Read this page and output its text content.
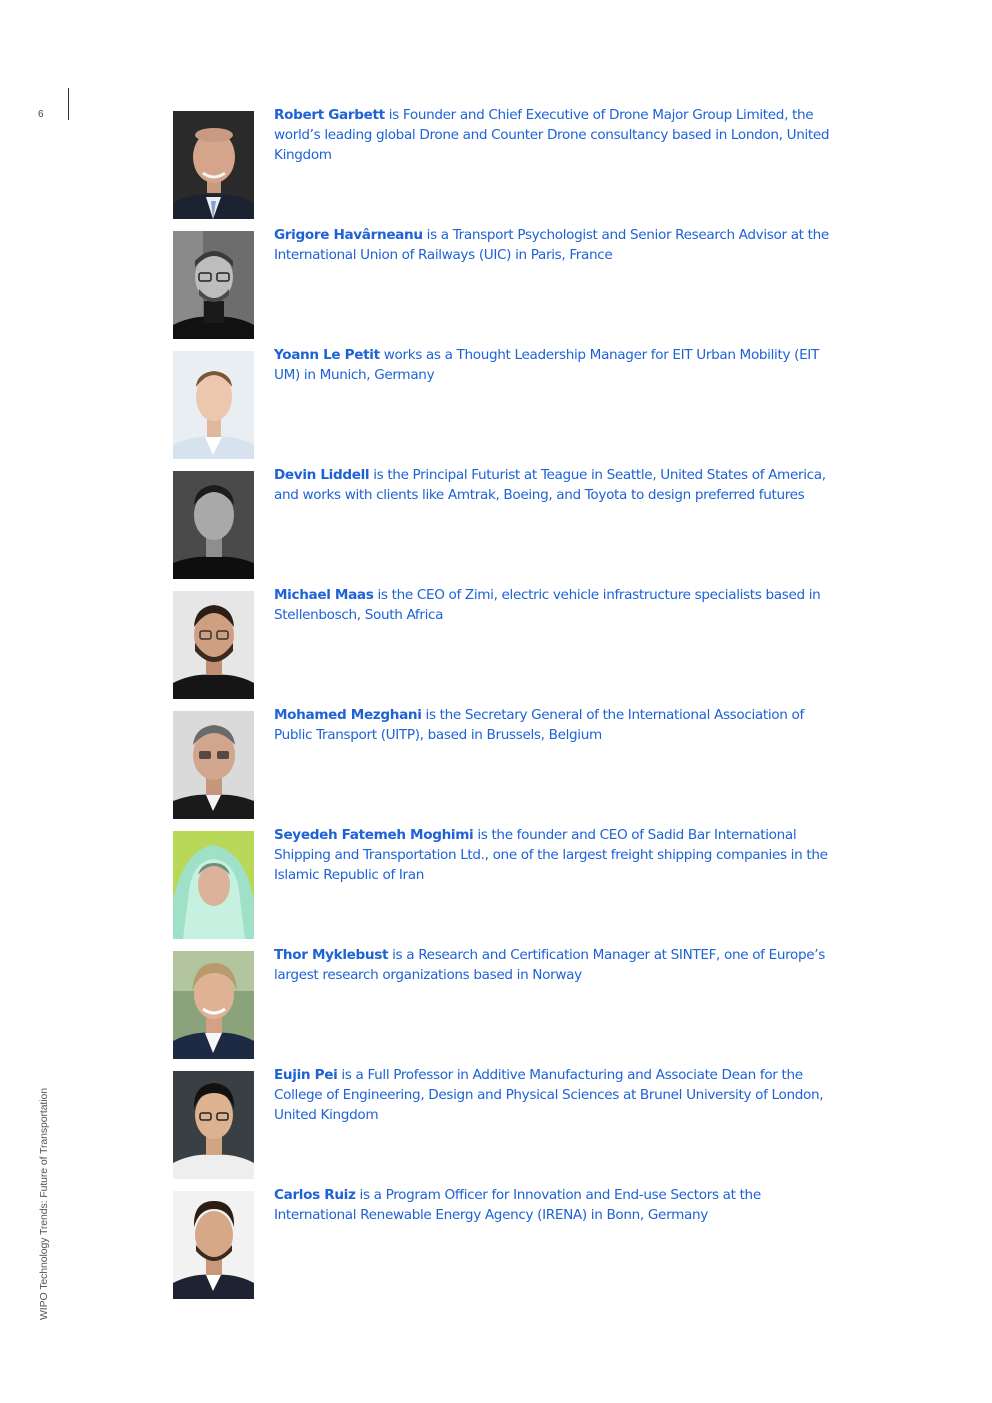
6
WIPO Technology Trends: Future of Transportation
Robert Garbett is Founder and Chief Executive of Drone Major Group Limited, the world’s leading global Drone and Counter Drone consultancy based in London, United Kingdom
Grigore Havârneanu is a Transport Psychologist and Senior Research Advisor at the International Union of Railways (UIC) in Paris, France
Yoann Le Petit works as a Thought Leadership Manager for EIT Urban Mobility (EIT UM) in Munich, Germany
Devin Liddell is the Principal Futurist at Teague in Seattle, United States of America, and works with clients like Amtrak, Boeing, and Toyota to design preferred futures
Michael Maas is the CEO of Zimi, electric vehicle infrastructure specialists based in Stellenbosch, South Africa
Mohamed Mezghani is the Secretary General of the International Association of Public Transport (UITP), based in Brussels, Belgium
Seyedeh Fatemeh Moghimi is the founder and CEO of Sadid Bar International Shipping and Transportation Ltd., one of the largest freight shipping companies in the Islamic Republic of Iran
Thor Myklebust is a Research and Certification Manager at SINTEF, one of Europe’s largest research organizations based in Norway
Eujin Pei is a Full Professor in Additive Manufacturing and Associate Dean for the College of Engineering, Design and Physical Sciences at Brunel University of London, United Kingdom
Carlos Ruiz is a Program Officer for Innovation and End-use Sectors at the International Renewable Energy Agency (IRENA) in Bonn, Germany
